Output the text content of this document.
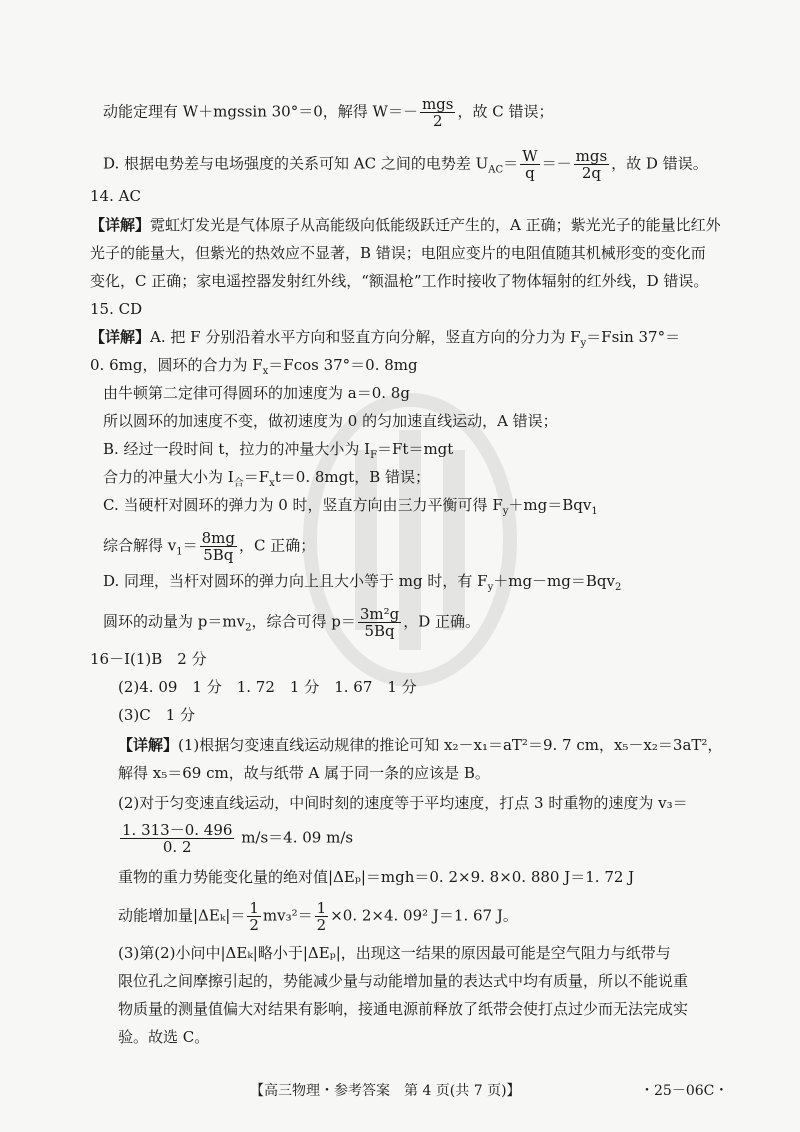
动能定理有 W＋mgssin 30°＝0，解得 $W=- \frac{\text{mgs}}{2}$ ，故 C 错误；
D. 根据电势差与电场强度的关系可知 AC 之间的电势差 $U_{AC}= \frac{W}{q} =- \frac{\text{mgs}}{2q}$ ，故 D 错误。
14. AC
【详解】霓虹灯发光是气体原子从高能级向低能级跃迁产生的，A 正确；紫光光子的能量比红外
光子的能量大，但紫光的热效应不显著，B 错误；电阻应变片的电阻值随其机械形变的变化而
变化，C 正确；家电遥控器发射红外线，“额温枪”工作时接收了物体辐射的红外线，D 错误。
15. CD
【详解】A. 把 F 分别沿着水平方向和竖直方向分解，竖直方向的分力为 $F_y=Fsin$ 37°＝
0. 6mg，圆环的合力为 $F_x=Fcos$ 37°＝0. 8mg
由牛顿第二定律可得圆环的加速度为 a＝0. 8g
所以圆环的加速度不变，做初速度为 0 的匀加速直线运动，A 错误；
B. 经过一段时间 t，拉力的冲量大小为 $I_F=Ft=mgt$
合力的冲量大小为 $I_合=F_xt=0$. 8mgt，B 错误；
C. 当硬杆对圆环的弹力为 0 时，竖直方向由三力平衡可得 $F_y+mg=Bqv_1$
综合解得 $v_1= \frac{8mg}{5Bq}$ ，C 正确；
D. 同理，当杆对圆环的弹力向上且大小等于 mg 时，有 $F_y+mg-mg=Bqv_2$
圆环的动量为 $p=mv_2$，综合可得 $p= \frac{\text{3m²g}}{5Bq}$ ，D 正确。
16－Ⅰ(1)B　2 分
(2)4. 09　1 分　1. 72　1 分　1. 67　1 分
(3)C　1 分
【详解】(1)根据匀变速直线运动规律的推论可知 x₂－x₁＝aT²＝9. 7 cm，x₅－x₂＝3aT²，
解得 x₅＝69 cm，故与纸带 A 属于同一条的应该是 B。
(2)对于匀变速直线运动，中间时刻的速度等于平均速度，打点 3 时重物的速度为 v₃＝
$\frac{1. 313-0. 496}{0. 2} m/s=4$. 09 m/s
重物的重力势能变化量的绝对值|ΔEₚ|＝mgh＝0. 2×9. 8×0. 880 J＝1. 72 J
动能增加量$|\Delta E_k|= \frac{1}{2} mv_3^2= \frac{1}{2} \times 0$. 2×4. 09² J＝1. 67 J。
(3)第(2)小问中|ΔEₖ|略小于|ΔEₚ|，出现这一结果的原因最可能是空气阻力与纸带与
限位孔之间摩擦引起的，势能减少量与动能增加量的表达式中均有质量，所以不能说重
物质量的测量值偏大对结果有影响，接通电源前释放了纸带会使打点过少而无法完成实
验。故选 C。
【高三物理・参考答案　第 4 页(共 7 页)】	・25－06C・
